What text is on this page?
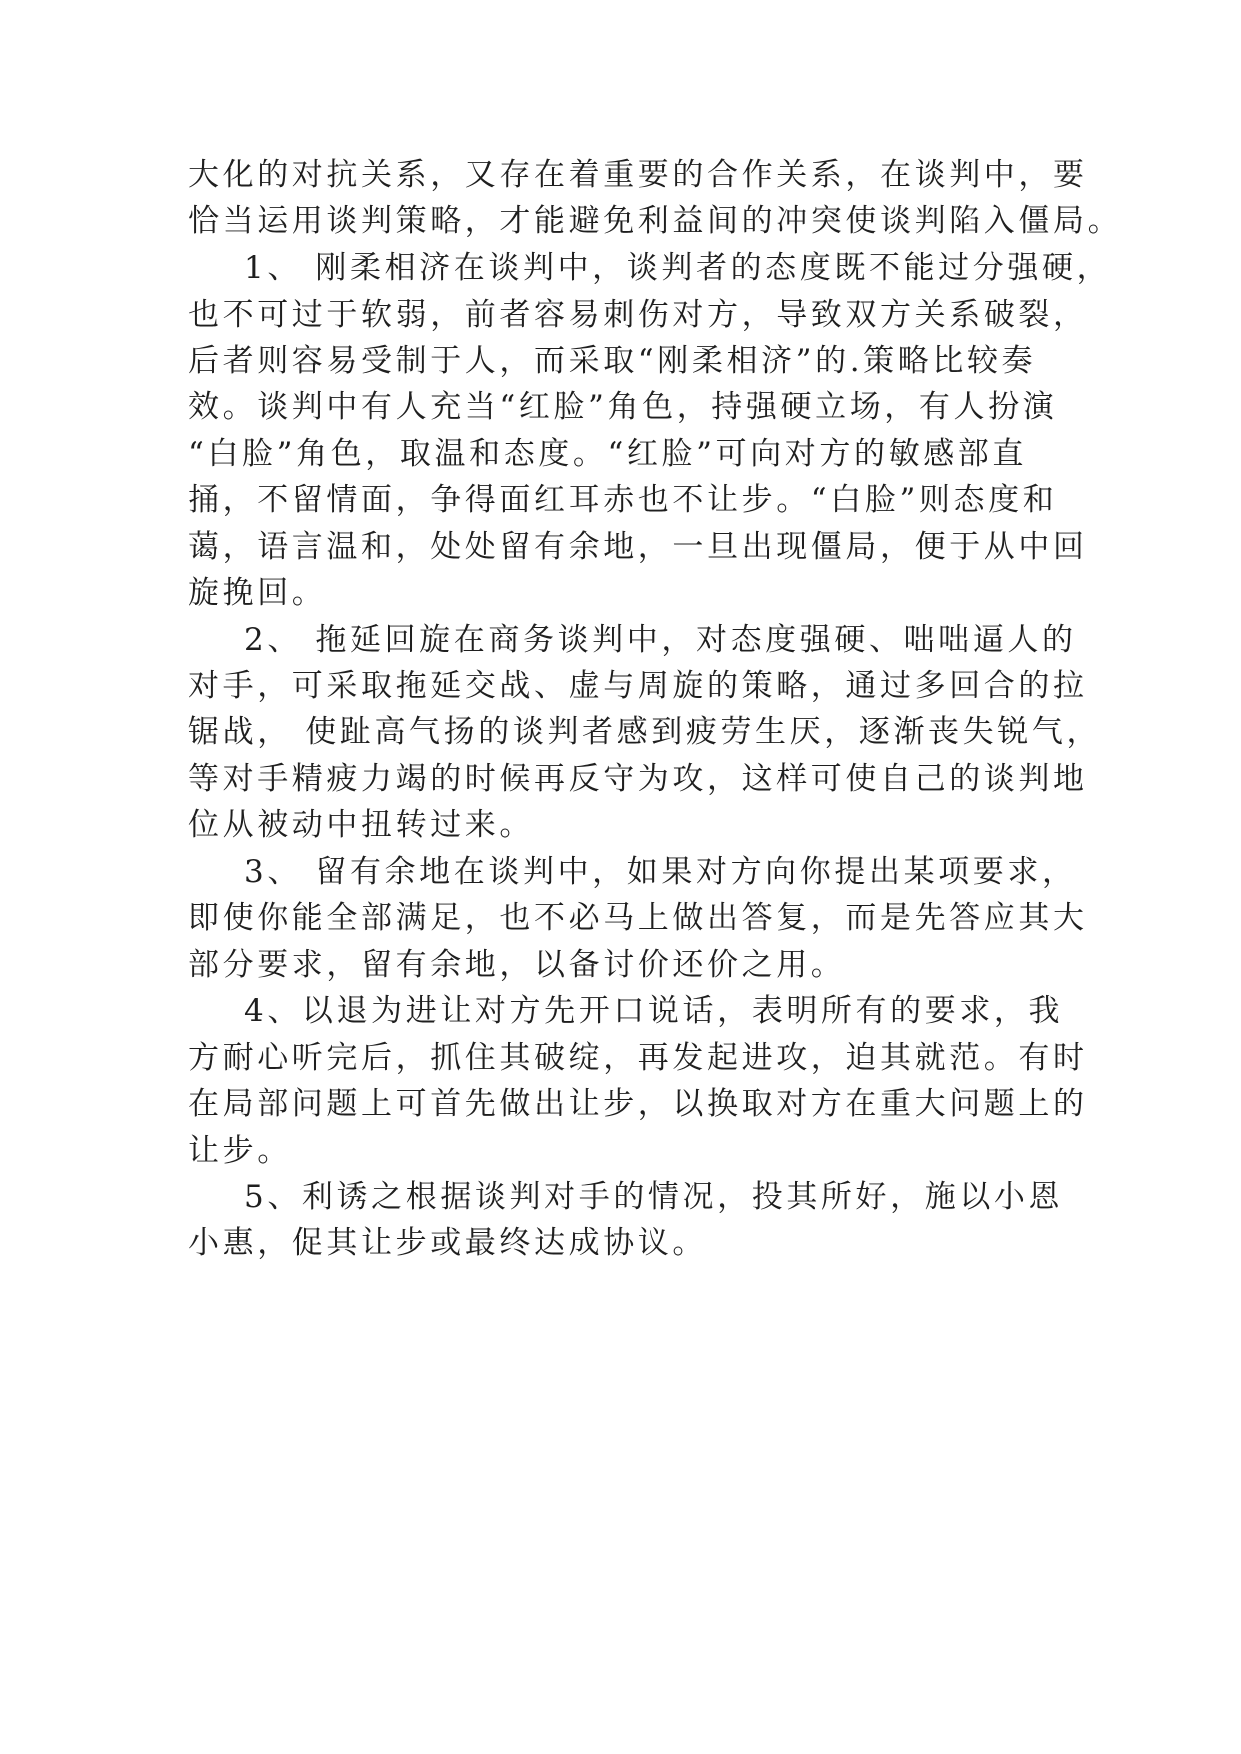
大化的对抗关系，又存在着重要的合作关系，在谈判中，要
恰当运用谈判策略，才能避免利益间的冲突使谈判陷入僵局。
1、 刚柔相济在谈判中，谈判者的态度既不能过分强硬，
也不可过于软弱，前者容易刺伤对方，导致双方关系破裂，
后者则容易受制于人，而采取“刚柔相济”的.策略比较奏
效。谈判中有人充当“红脸”角色，持强硬立场，有人扮演
“白脸”角色，取温和态度。“红脸”可向对方的敏感部直
捅，不留情面，争得面红耳赤也不让步。“白脸”则态度和
蔼，语言温和，处处留有余地，一旦出现僵局，便于从中回
旋挽回。
2、 拖延回旋在商务谈判中，对态度强硬、咄咄逼人的
对手，可采取拖延交战、虚与周旋的策略，通过多回合的拉
锯战， 使趾高气扬的谈判者感到疲劳生厌，逐渐丧失锐气，
等对手精疲力竭的时候再反守为攻，这样可使自己的谈判地
位从被动中扭转过来。
3、 留有余地在谈判中，如果对方向你提出某项要求，
即使你能全部满足，也不必马上做出答复，而是先答应其大
部分要求，留有余地，以备讨价还价之用。
4、以退为进让对方先开口说话，表明所有的要求，我
方耐心听完后，抓住其破绽，再发起进攻，迫其就范。有时
在局部问题上可首先做出让步，以换取对方在重大问题上的
让步。
5、利诱之根据谈判对手的情况，投其所好，施以小恩
小惠，促其让步或最终达成协议。
